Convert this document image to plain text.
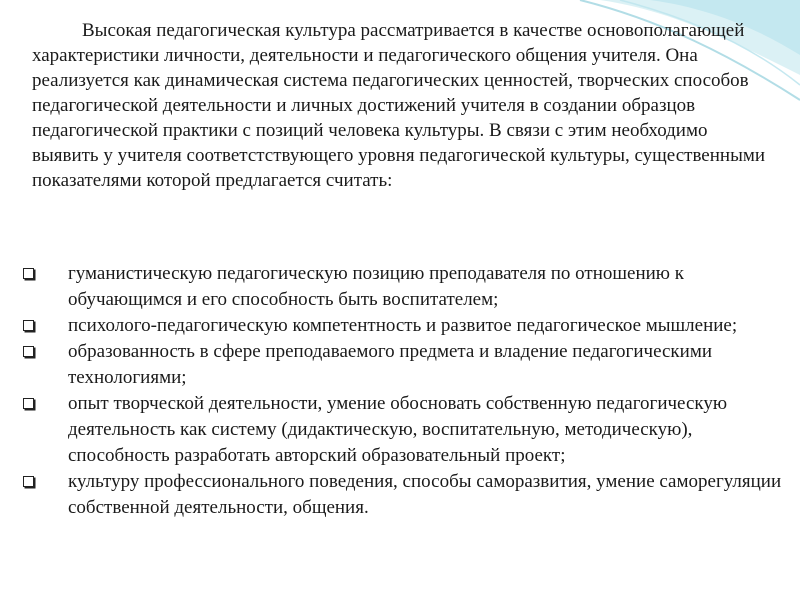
Высокая педагогическая культура рассматривается в качестве основополагающей характеристики личности, деятельности и педагогического общения учителя. Она реализуется как динамическая система педагогических ценностей, творческих способов педагогической деятельности и личных достижений учителя в создании образцов педагогической практики с позиций человека культуры. В связи с этим необходимо выявить у учителя соответстствующего уровня педагогической культуры, существенными показателями которой предлагается считать:

гуманистическую педагогическую позицию преподавателя по отношению к обучающимся и его способность быть воспитателем;
психолого-педагогическую компетентность и развитое педагогическое мышление;
образованность в сфере преподаваемого предмета и владение педагогическими технологиями;
опыт творческой деятельности, умение обосновать собственную педагогическую деятельность как систему (дидактическую, воспитательную, методическую), способность разработать авторский образовательный проект;
культуру профессионального поведения, способы саморазвития, умение саморегуляции собственной деятельности, общения.
